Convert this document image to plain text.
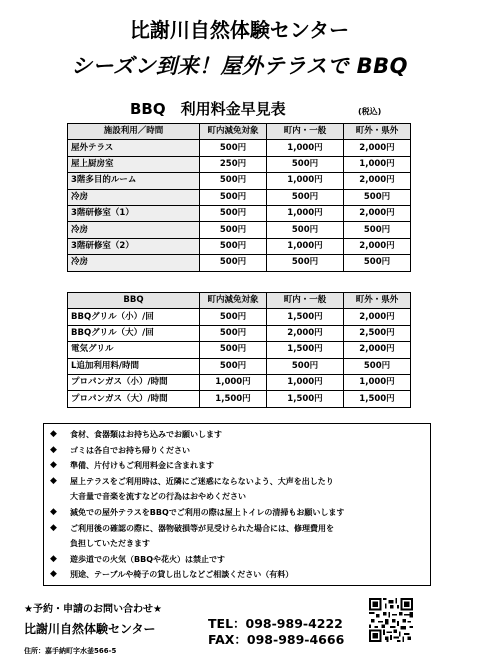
比謝川自然体験センター
シーズン到来！屋外テラスで BBQ
BBQ　利用料金早見表	(税込)
施設利用／時間	町内減免対象	町内・一般	町外・県外
屋外テラス	500円	1,000円	2,000円
屋上厨房室	250円	500円	1,000円
3階多目的ルーム	500円	1,000円	2,000円
冷房	500円	500円	500円
3階研修室（1）	500円	1,000円	2,000円
冷房	500円	500円	500円
3階研修室（2）	500円	1,000円	2,000円
冷房	500円	500円	500円
BBQ	町内減免対象	町内・一般	町外・県外
BBQグリル（小）/回	500円	1,500円	2,000円
BBQグリル（大）/回	500円	2,000円	2,500円
電気グリル	500円	1,500円	2,000円
L追加利用料/時間	500円	500円	500円
プロパンガス（小）/時間	1,000円	1,000円	1,000円
プロパンガス（大）/時間	1,500円	1,500円	1,500円
◆	食材、食器類はお持ち込みでお願いします
◆	ゴミは各自でお持ち帰りください
◆	準備、片付けもご利用料金に含まれます
◆	屋上テラスをご利用時は、近隣にご迷惑にならないよう、大声を出したり
大音量で音楽を流すなどの行為はおやめください
◆	減免での屋外テラスをBBQでご利用の際は屋上トイレの清掃もお願いします
◆	ご利用後の確認の際に、器物破損等が見受けられた場合には、修理費用を
負担していただきます
◆	遊歩道での火気（BBQや花火）は禁止です
◆	別途、テーブルや椅子の貸し出しなどご相談ください（有料）
★予約・申請のお問い合わせ★
比謝川自然体験センター
住所：嘉手納町字水釜566-5
TEL：098-989-4222
FAX：098-989-4666
